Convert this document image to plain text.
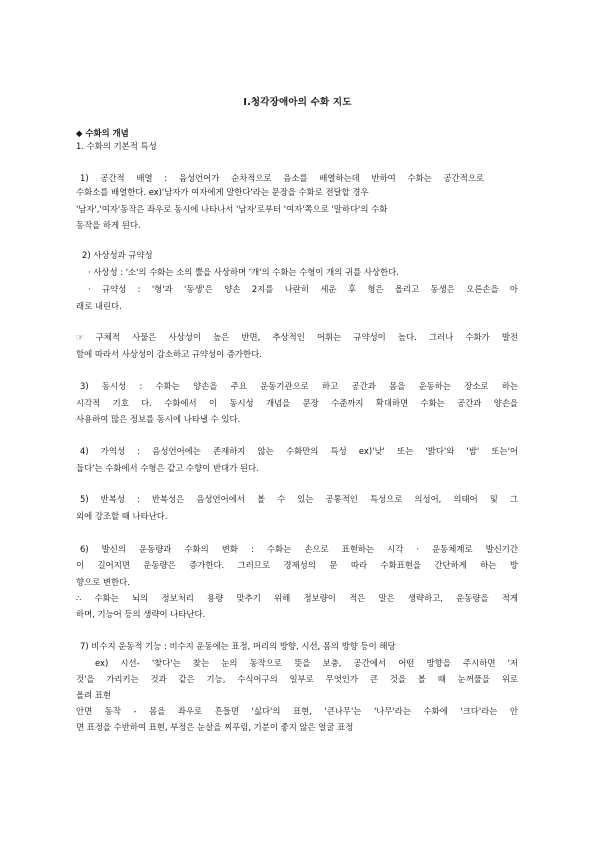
Ⅰ.청각장애아의 수화 지도
◆ 수화의 개념
1. 수화의 기본적 특성
1) 공간적 배열 : 음성언어가 순차적으로 음소를 배열하는데 반하여 수화는 공간적으로
수화소를 배열한다. ex)'남자가 여자에게 말한다'라는 문장을 수화로 전달할 경우
'남자','여자'동작은 좌우로 동시에 나타나서 '남자'로부터 '여자'쪽으로 '말하다'의 수화
동작을 하게 된다.
2) 사상성과 규약성
· 사상성 : '소'의 수화는 소의 뿔을 사상하며 '개'의 수화는 수형이 개의 귀를 사상한다.
· 규약성 : '형'과 '동생'은 양손 2지를 나란히 세운 후 형은 올리고 동생은 오른손을 아
래로 내린다.
☞ 구체적 사물은 사상성이 높은 반면, 추상적인 어휘는 규약성이 높다. 그러나 수화가 발전
함에 따라서 사상성이 감소하고 규약성이 증가한다.
3) 동시성 : 수화는 양손을 주요 운동기관으로 하고 공간과 몸을 운동하는 장소로 하는
시각적 기호 다. 수화에서 이 동시성 개념을 문장 수준까지 확대하면 수화는 공간과 양손을
사용하여 많은 정보를 동시에 나타낼 수 있다.
4) 가역성 : 음성언어에는 존재하지 않는 수화만의 특성 ex)'낮' 또는 '밝다'와 '밤' 또는'어
둡다'는 수화에서 수형은 같고 수향이 반대가 된다.
5) 반복성 : 반복성은 음성언어에서 볼 수 있는 공통적인 특성으로 의성어, 의태어 및 그
외에 강조할 때 나타난다.
6) 발신의 운동량과 수화의 변화 : 수화는 손으로 표현하는 시각 · 운동체계로 발신기간
이 길어지면 운동량은 증가한다. 그러므로 경제성의 문 따라 수화표현을 간단하게 하는 방
향으로 변한다.
∴ 수화는 뇌의 정보처리 용량 맞추기 위해 정보량이 적은 말은 생략하고, 운동량을 적게
하며, 기능어 등의 생략이 나타난다.
7) 비수지 운동적 기능 : 비수지 운동에는 표정, 머리의 방향, 시선, 몸의 방향 등이 해당
ex) 시선- '찾다'는 찾는 눈의 동작으로 뜻을 보충, 공간에서 어떤 방향을 주시하면 '저
것'을 가리키는 것과 같은 기능, 수식어구의 일부로 무엇인가 큰 것을 볼 때 눈꺼풀을 위로
올려 표현
안면 동작 - 몸을 좌우로 흔들면 '싫다'의 표현, '큰나무'는 '나무'라는 수화에 '크다'라는 안
면 표정을 수반하여 표현, 부정은 눈살을 찌푸림, 기분이 좋지 않은 얼굴 표정
